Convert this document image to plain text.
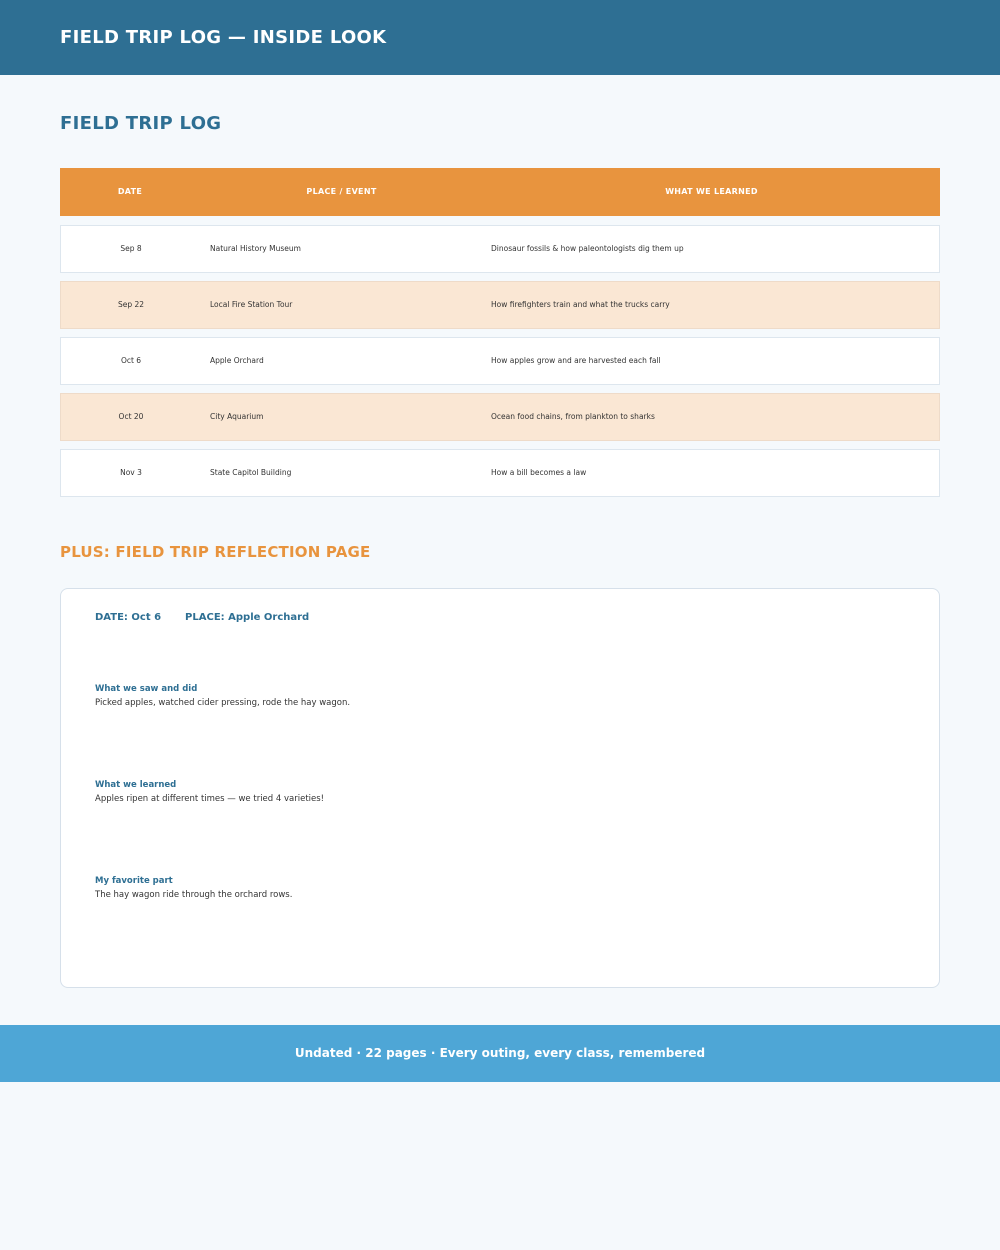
FIELD TRIP LOG — INSIDE LOOK
FIELD TRIP LOG
DATE	PLACE / EVENT	WHAT WE LEARNED
Sep 8	Natural History Museum	Dinosaur fossils & how paleontologists dig them up
Sep 22	Local Fire Station Tour	How firefighters train and what the trucks carry
Oct 6	Apple Orchard	How apples grow and are harvested each fall
Oct 20	City Aquarium	Ocean food chains, from plankton to sharks
Nov 3	State Capitol Building	How a bill becomes a law
PLUS: FIELD TRIP REFLECTION PAGE
DATE: Oct 6 PLACE: Apple Orchard
What we saw and did
Picked apples, watched cider pressing, rode the hay wagon.
What we learned
Apples ripen at different times — we tried 4 varieties!
My favorite part
The hay wagon ride through the orchard rows.

Undated · 22 pages · Every outing, every class, remembered
